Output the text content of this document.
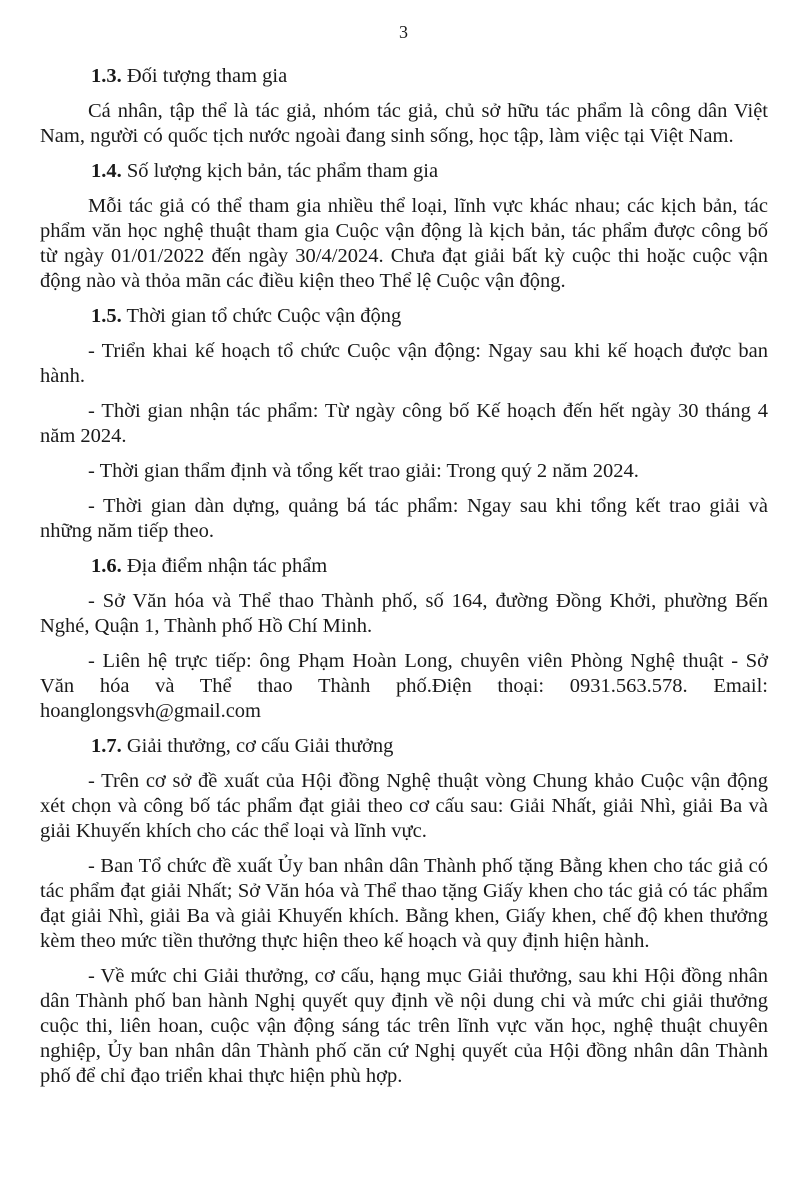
3
1.3. Đối tượng tham gia

Cá nhân, tập thể là tác giả, nhóm tác giả, chủ sở hữu tác phẩm là công dân Việt Nam, người có quốc tịch nước ngoài đang sinh sống, học tập, làm việc tại Việt Nam.

1.4. Số lượng kịch bản, tác phẩm tham gia

Mỗi tác giả có thể tham gia nhiều thể loại, lĩnh vực khác nhau; các kịch bản, tác phẩm văn học nghệ thuật tham gia Cuộc vận động là kịch bản, tác phẩm được công bố từ ngày 01/01/2022 đến ngày 30/4/2024. Chưa đạt giải bất kỳ cuộc thi hoặc cuộc vận động nào và thỏa mãn các điều kiện theo Thể lệ Cuộc vận động.

1.5. Thời gian tổ chức Cuộc vận động

- Triển khai kế hoạch tổ chức Cuộc vận động: Ngay sau khi kế hoạch được ban hành.

- Thời gian nhận tác phẩm: Từ ngày công bố Kế hoạch đến hết ngày 30 tháng 4 năm 2024.

- Thời gian thẩm định và tổng kết trao giải: Trong quý 2 năm 2024.

- Thời gian dàn dựng, quảng bá tác phẩm: Ngay sau khi tổng kết trao giải và những năm tiếp theo.

1.6. Địa điểm nhận tác phẩm

- Sở Văn hóa và Thể thao Thành phố, số 164, đường Đồng Khởi, phường Bến Nghé, Quận 1, Thành phố Hồ Chí Minh.

- Liên hệ trực tiếp: ông Phạm Hoàn Long, chuyên viên Phòng Nghệ thuật - Sở Văn hóa và Thể thao Thành phố.Điện thoại: 0931.563.578. Email: hoanglongsvh@gmail.com

1.7. Giải thưởng, cơ cấu Giải thưởng

- Trên cơ sở đề xuất của Hội đồng Nghệ thuật vòng Chung khảo Cuộc vận động xét chọn và công bố tác phẩm đạt giải theo cơ cấu sau: Giải Nhất, giải Nhì, giải Ba và giải Khuyến khích cho các thể loại và lĩnh vực.

- Ban Tổ chức đề xuất Ủy ban nhân dân Thành phố tặng Bằng khen cho tác giả có tác phẩm đạt giải Nhất; Sở Văn hóa và Thể thao tặng Giấy khen cho tác giả có tác phẩm đạt giải Nhì, giải Ba và giải Khuyến khích. Bằng khen, Giấy khen, chế độ khen thưởng kèm theo mức tiền thưởng thực hiện theo kế hoạch và quy định hiện hành.

- Về mức chi Giải thưởng, cơ cấu, hạng mục Giải thưởng, sau khi Hội đồng nhân dân Thành phố ban hành Nghị quyết quy định về nội dung chi và mức chi giải thưởng cuộc thi, liên hoan, cuộc vận động sáng tác trên lĩnh vực văn học, nghệ thuật chuyên nghiệp, Ủy ban nhân dân Thành phố căn cứ Nghị quyết của Hội đồng nhân dân Thành phố để chỉ đạo triển khai thực hiện phù hợp.
